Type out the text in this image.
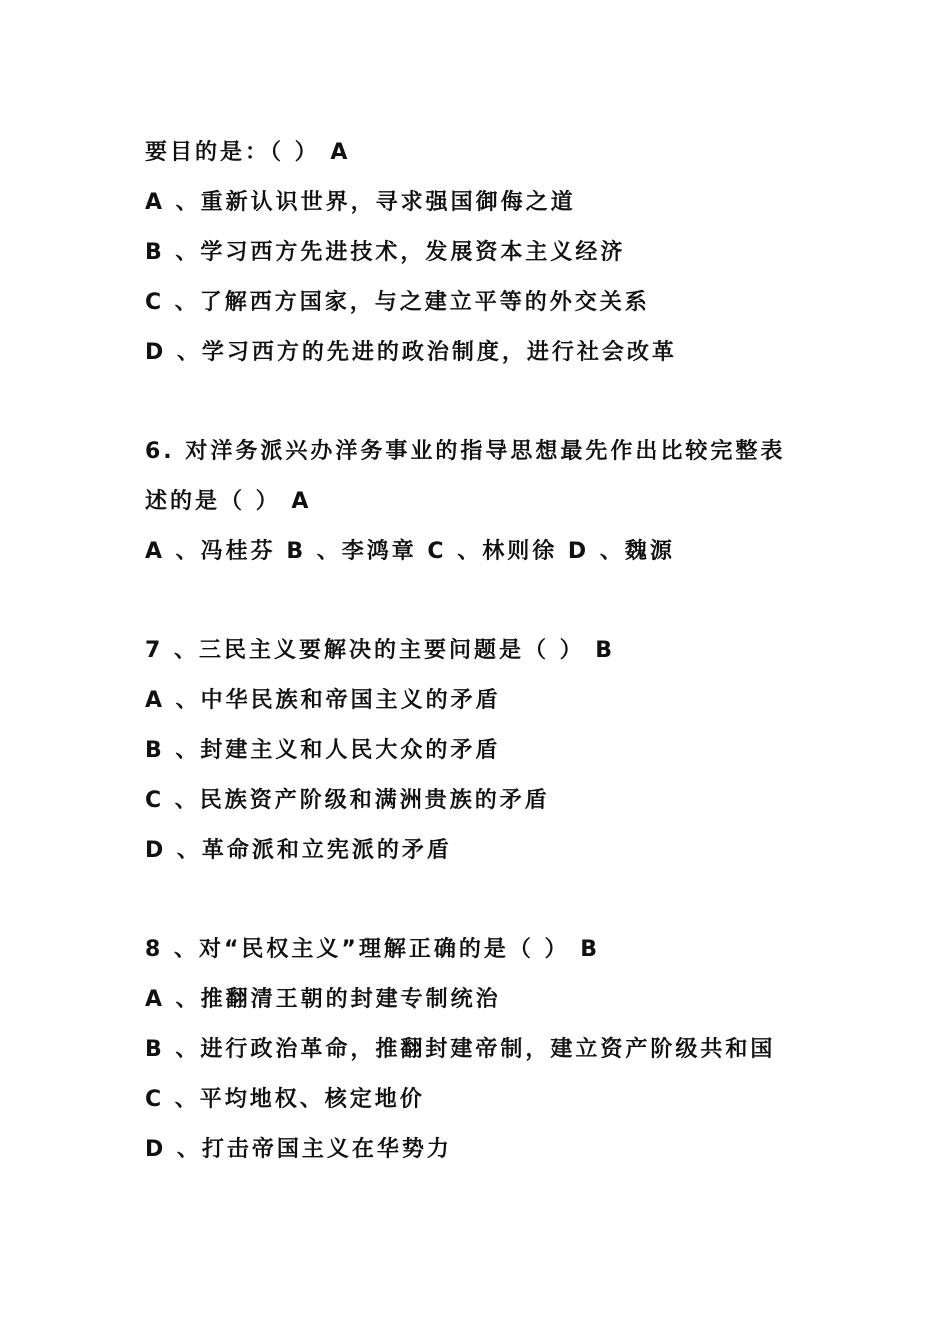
要目的是：（ ） A
A 、重新认识世界，寻求强国御侮之道
B 、学习西方先进技术，发展资本主义经济
C 、了解西方国家，与之建立平等的外交关系
D 、学习西方的先进的政治制度，进行社会改革
6. 对洋务派兴办洋务事业的指导思想最先作出比较完整表
述的是（ ） A
A 、冯桂芬 B 、李鸿章 C 、林则徐 D 、魏源
7 、三民主义要解决的主要问题是（ ） B
A 、中华民族和帝国主义的矛盾
B 、封建主义和人民大众的矛盾
C 、民族资产阶级和满洲贵族的矛盾
D 、革命派和立宪派的矛盾
8 、对“民权主义”理解正确的是（ ） B
A 、推翻清王朝的封建专制统治
B 、进行政治革命，推翻封建帝制，建立资产阶级共和国
C 、平均地权、核定地价
D 、打击帝国主义在华势力
